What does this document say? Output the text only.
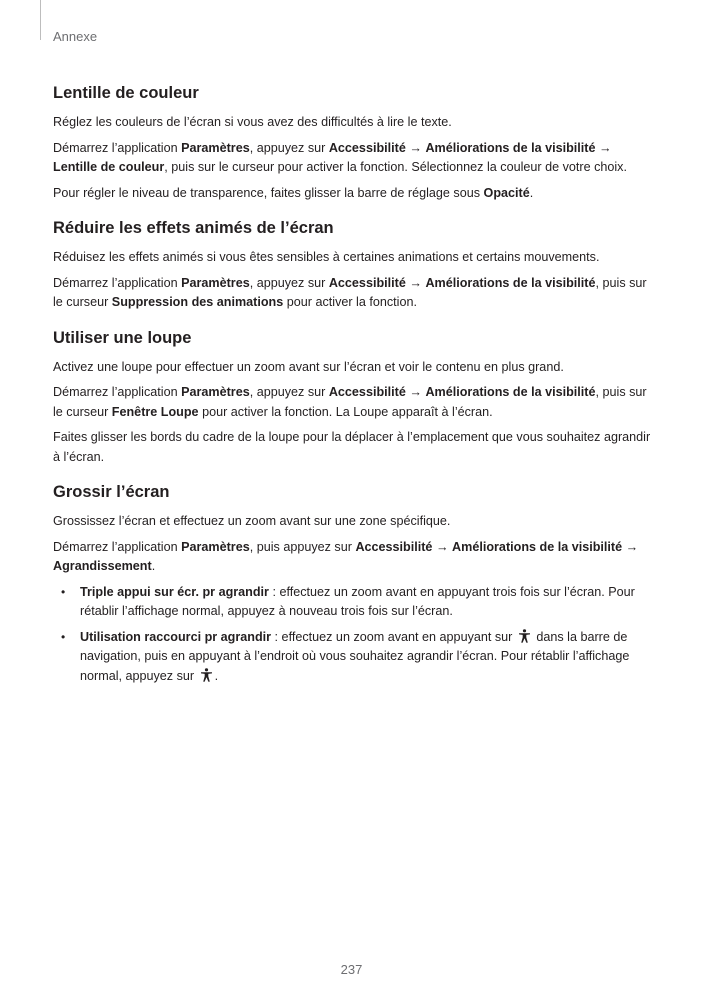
Annexe

Lentille de couleur

Réglez les couleurs de l’écran si vous avez des difficultés à lire le texte.

Démarrez l’application Paramètres, appuyez sur Accessibilité → Améliorations de la visibilité → Lentille de couleur, puis sur le curseur pour activer la fonction. Sélectionnez la couleur de votre choix.

Pour régler le niveau de transparence, faites glisser la barre de réglage sous Opacité.

Réduire les effets animés de l’écran

Réduisez les effets animés si vous êtes sensibles à certaines animations et certains mouvements.

Démarrez l’application Paramètres, appuyez sur Accessibilité → Améliorations de la visibilité, puis sur le curseur Suppression des animations pour activer la fonction.

Utiliser une loupe

Activez une loupe pour effectuer un zoom avant sur l’écran et voir le contenu en plus grand.

Démarrez l’application Paramètres, appuyez sur Accessibilité → Améliorations de la visibilité, puis sur le curseur Fenêtre Loupe pour activer la fonction. La Loupe apparaît à l’écran.

Faites glisser les bords du cadre de la loupe pour la déplacer à l’emplacement que vous souhaitez agrandir à l’écran.

Grossir l’écran

Grossissez l’écran et effectuez un zoom avant sur une zone spécifique.

Démarrez l’application Paramètres, puis appuyez sur Accessibilité → Améliorations de la visibilité → Agrandissement.

• Triple appui sur écr. pr agrandir : effectuez un zoom avant en appuyant trois fois sur l’écran. Pour rétablir l’affichage normal, appuyez à nouveau trois fois sur l’écran.
• Utilisation raccourci pr agrandir : effectuez un zoom avant en appuyant sur  dans la barre de navigation, puis en appuyant à l’endroit où vous souhaitez agrandir l’écran. Pour rétablir l’affichage normal, appuyez sur .

237
